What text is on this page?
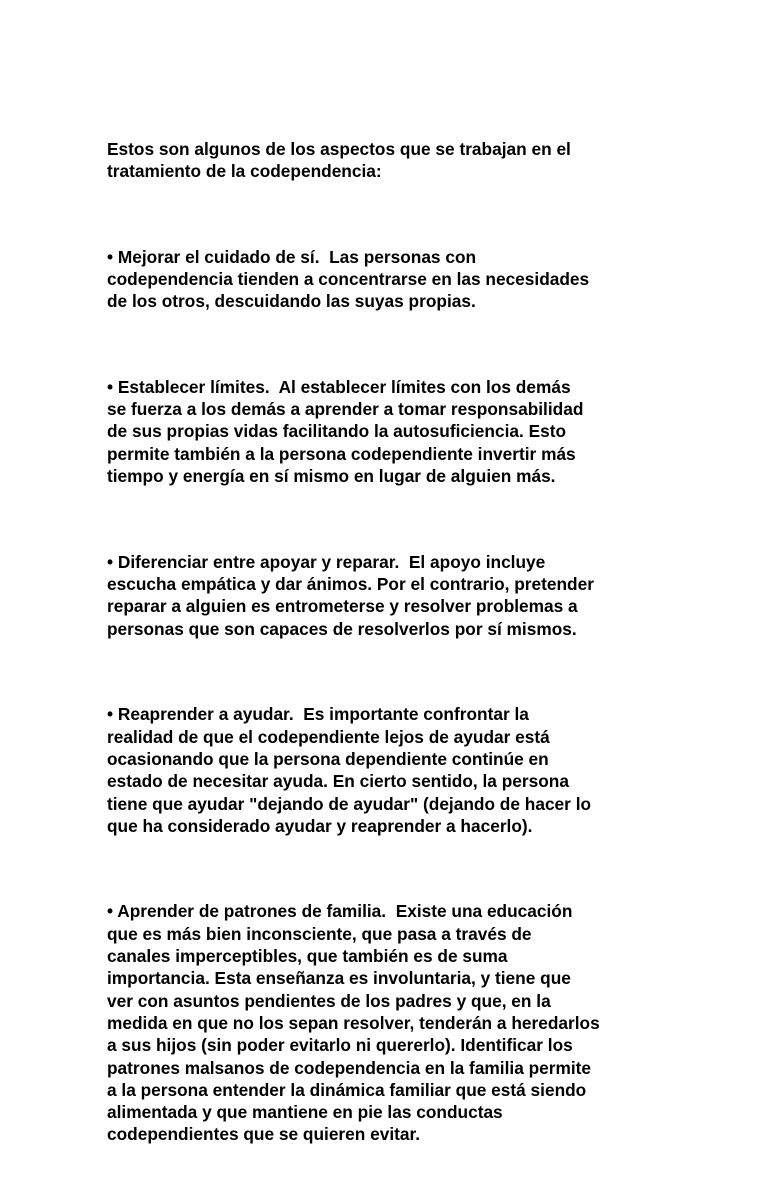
Estos son algunos de los aspectos que se trabajan en el
tratamiento de la codependencia:

• Mejorar el cuidado de sí.  Las personas con
codependencia tienden a concentrarse en las necesidades
de los otros, descuidando las suyas propias.

• Establecer límites.  Al establecer límites con los demás
se fuerza a los demás a aprender a tomar responsabilidad
de sus propias vidas facilitando la autosuficiencia. Esto
permite también a la persona codependiente invertir más
tiempo y energía en sí mismo en lugar de alguien más.

• Diferenciar entre apoyar y reparar.  El apoyo incluye
escucha empática y dar ánimos. Por el contrario, pretender
reparar a alguien es entrometerse y resolver problemas a
personas que son capaces de resolverlos por sí mismos.

• Reaprender a ayudar.  Es importante confrontar la
realidad de que el codependiente lejos de ayudar está
ocasionando que la persona dependiente continúe en
estado de necesitar ayuda. En cierto sentido, la persona
tiene que ayudar "dejando de ayudar" (dejando de hacer lo
que ha considerado ayudar y reaprender a hacerlo).

• Aprender de patrones de familia.  Existe una educación
que es más bien inconsciente, que pasa a través de
canales imperceptibles, que también es de suma
importancia. Esta enseñanza es involuntaria, y tiene que
ver con asuntos pendientes de los padres y que, en la
medida en que no los sepan resolver, tenderán a heredarlos
a sus hijos (sin poder evitarlo ni quererlo). Identificar los
patrones malsanos de codependencia en la familia permite
a la persona entender la dinámica familiar que está siendo
alimentada y que mantiene en pie las conductas
codependientes que se quieren evitar.
